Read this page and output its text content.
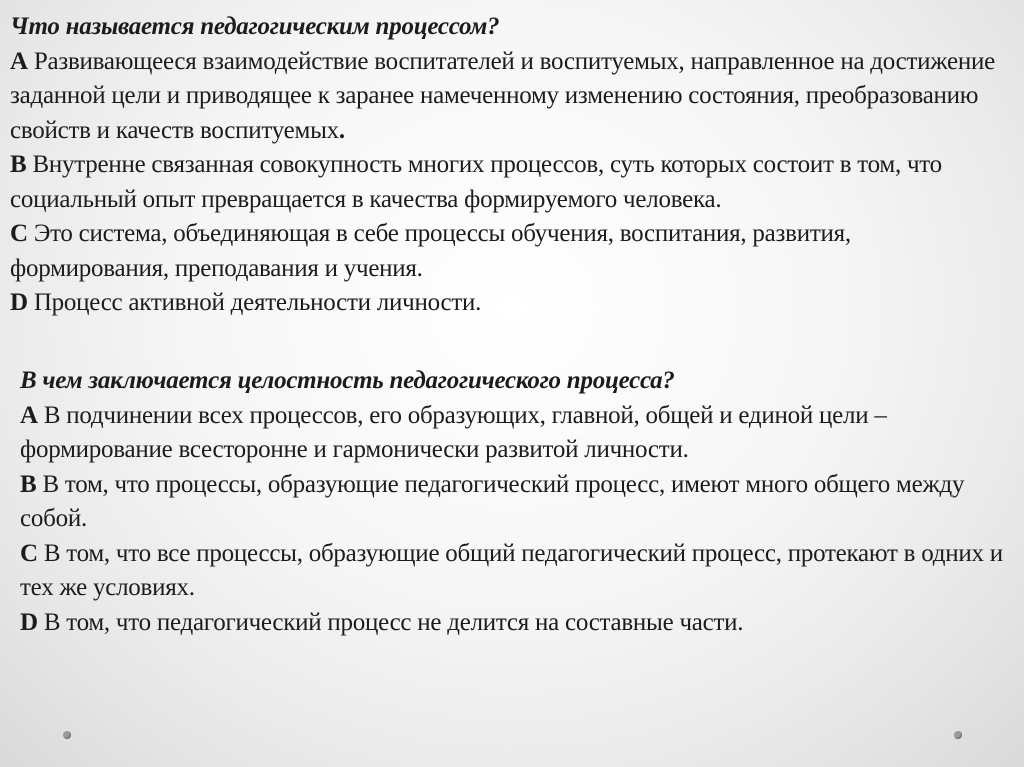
Что называется педагогическим процессом?

A Развивающееся взаимодействие воспитателей и воспитуемых, направленное на достижение заданной цели и приводящее к заранее намеченному изменению состояния, преобразованию свойств и качеств воспитуемых.

B Внутренне связанная совокупность многих процессов, суть которых состоит в том, что социальный опыт превращается в качества формируемого человека.

C Это система, объединяющая в себе процессы обучения, воспитания, развития, формирования, преподавания и учения.

D Процесс активной деятельности личности.

В чем заключается целостность педагогического процесса?

A В подчинении всех процессов, его образующих, главной, общей и единой цели – формирование всесторонне и гармонически развитой личности.

B В том, что процессы, образующие педагогический процесс, имеют много общего между собой.

C В том, что все процессы, образующие общий педагогический процесс, протекают в одних и тех же условиях.

D В том, что педагогический процесс не делится на составные части.
